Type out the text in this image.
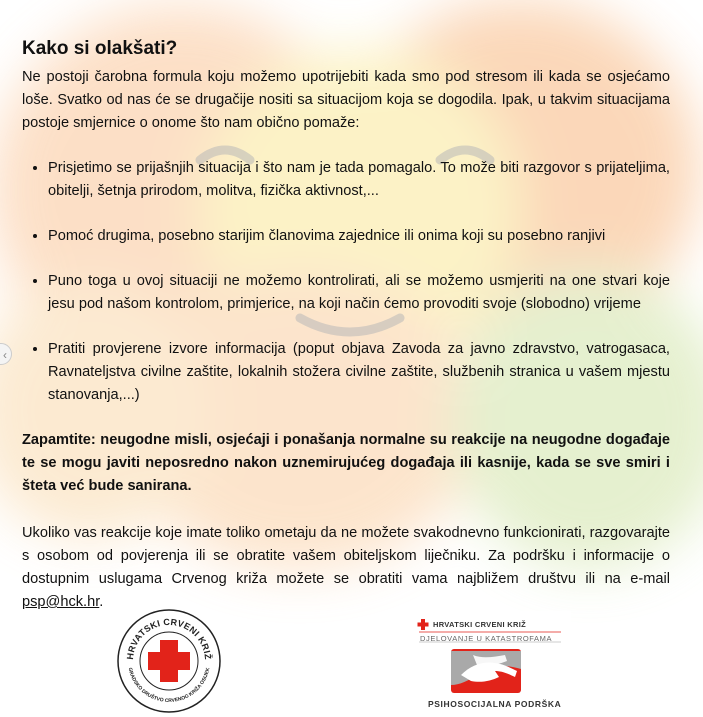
‹
Kako si olakšati?

Ne postoji čarobna formula koju možemo upotrijebiti kada smo pod stresom ili kada se osjećamo loše. Svatko od nas će se drugačije nositi sa situacijom koja se dogodila. Ipak, u takvim situacijama postoje smjernice o onome što nam obično pomaže:

• Prisjetimo se prijašnjih situacija i što nam je tada pomagalo. To može biti razgovor s prijateljima, obitelji, šetnja prirodom, molitva, fizička aktivnost,...
• Pomoć drugima, posebno starijim članovima zajednice ili onima koji su posebno ranjivi
• Puno toga u ovoj situaciji ne možemo kontrolirati, ali se možemo usmjeriti na one stvari koje jesu pod našom kontrolom, primjerice, na koji način ćemo provoditi svoje (slobodno) vrijeme
• Pratiti provjerene izvore informacija (poput objava Zavoda za javno zdravstvo, vatrogasaca, Ravnateljstva civilne zaštite, lokalnih stožera civilne zaštite, službenih stranica u vašem mjestu stanovanja,...)

Zapamtite: neugodne misli, osjećaji i ponašanja normalne su reakcije na neugodne događaje te se mogu javiti neposredno nakon uznemirujućeg događaja ili kasnije, kada se sve smiri i šteta već bude sanirana.

Ukoliko vas reakcije koje imate toliko ometaju da ne možete svakodnevno funkcionirati, razgovarajte s osobom od povjerenja ili se obratite vašem obiteljskom liječniku. Za podršku i informacije o dostupnim uslugama Crvenog križa možete se obratiti vama najbližem društvu ili na e-mail psp@hck.hr.

HRVATSKI CRVENI KRIŽ
GRADSKO DRUŠTVO CRVENOG KRIŽA OSIJEK
HRVATSKI CRVENI KRIŽ
DJELOVANJE U KATASTROFAMA
PSIHOSOCIJALNA PODRŠKA
